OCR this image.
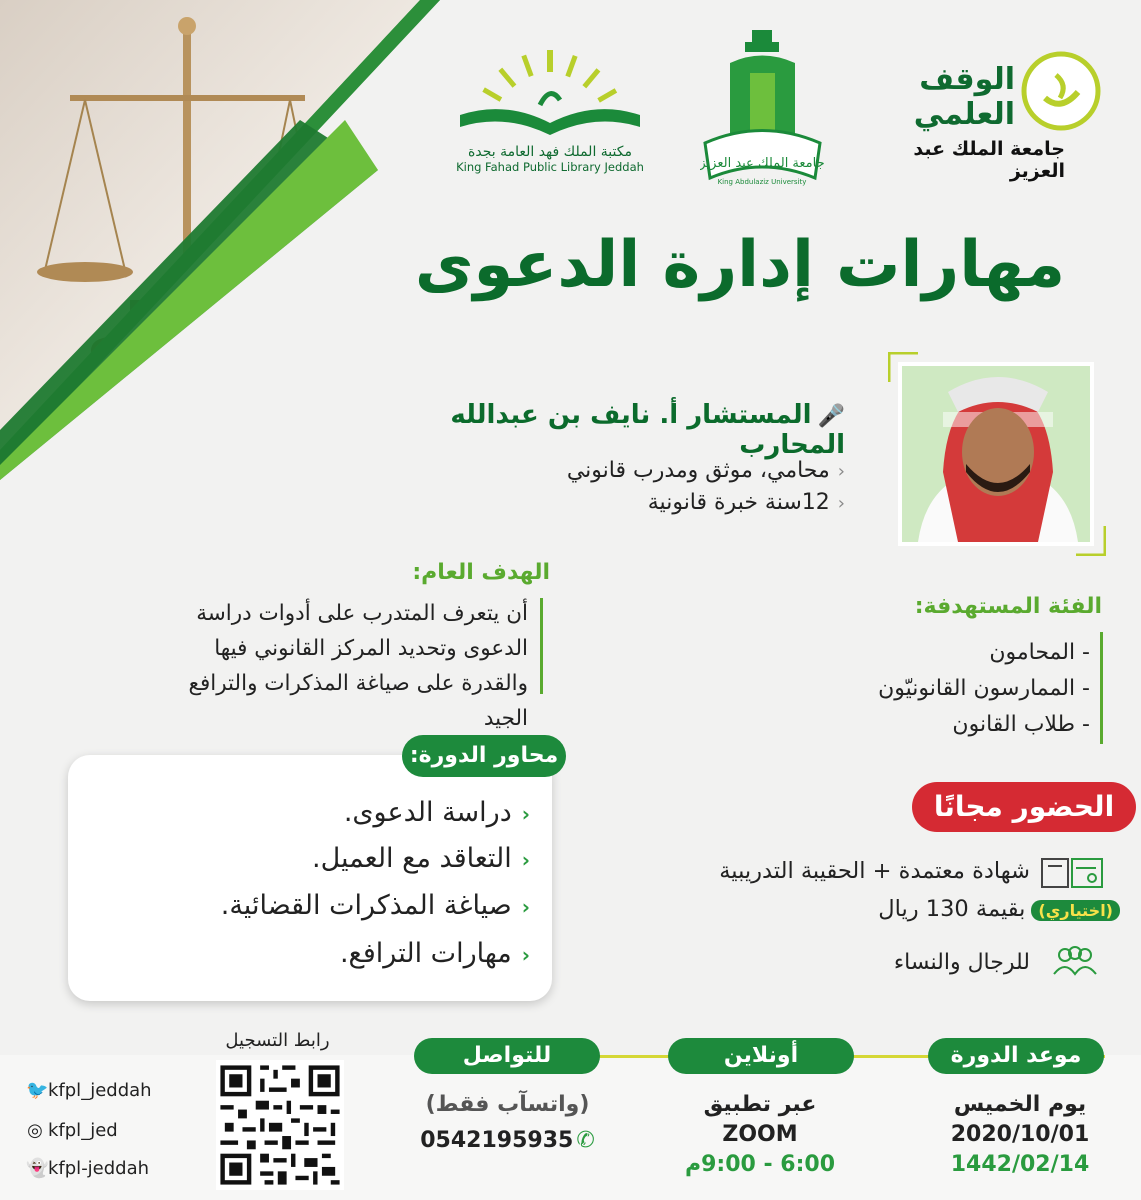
مكتبة الملك فهد العامة بجدة
King Fahad Public Library Jeddah	جامعة الملك عبد العزيز
King Abdulaziz University
الوقف العلمي
جامعة الملك عبد العزيز
مهارات إدارة الدعوى
🎤المستشار أ. نايف بن عبدالله المحارب
‹محامي، موثق ومدرب قانوني
‹12سنة خبرة قانونية
الهدف العام:
أن يتعرف المتدرب على أدوات دراسة الدعوى وتحديد المركز القانوني فيها والقدرة على صياغة المذكرات والترافع الجيد
الفئة المستهدفة:
- المحامون
- الممارسون القانونيّون
- طلاب القانون
محاور الدورة:
‹دراسة الدعوى.
‹التعاقد مع العميل.
‹صياغة المذكرات القضائية.
‹مهارات الترافع.
الحضور مجانًا
شهادة معتمدة + الحقيبة التدريبية
(اختياري)بقيمة 130 ريال
للرجال والنساء
موعد الدورة
يوم الخميس
2020/10/01
1442/02/14
أونلاين
عبر تطبيق
ZOOM
6:00 - 9:00م
للتواصل
(واتسآب فقط)
0542195935 ✆
رابط التسجيل
🐦kfpl_jeddah
◎ kfpl_jed
👻kfpl-jeddah
